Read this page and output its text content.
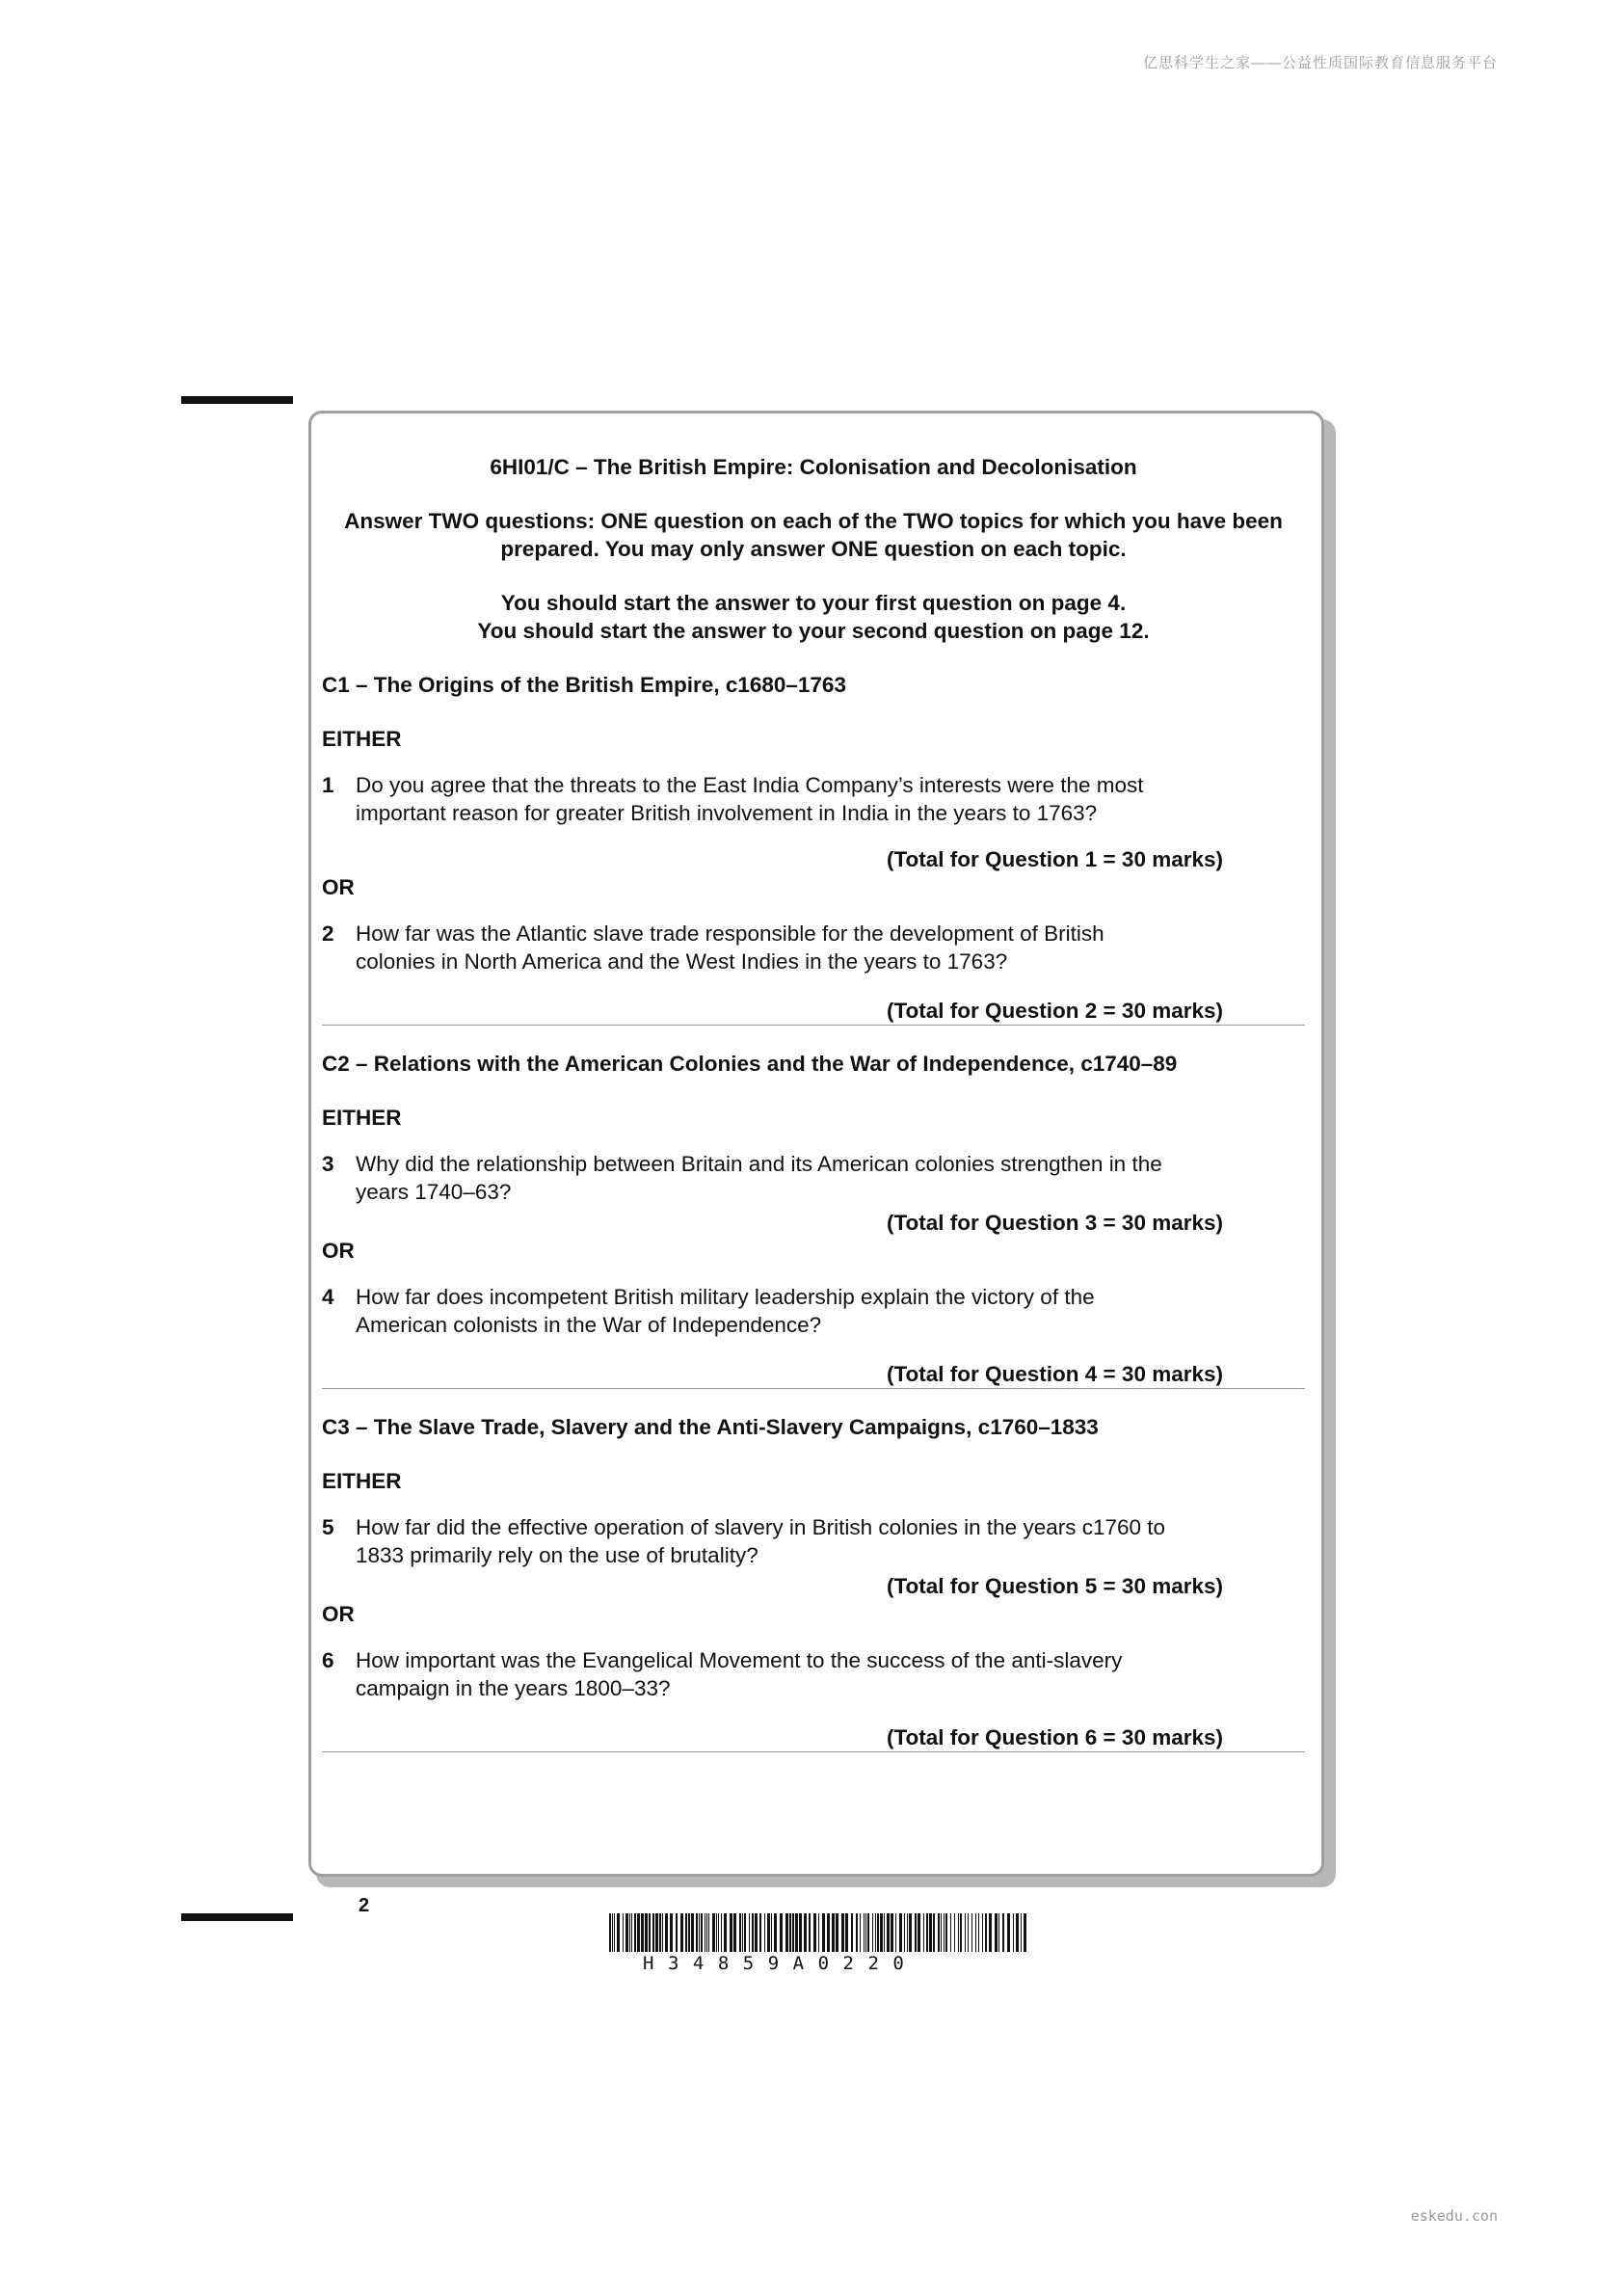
亿思科学生之家——公益性质国际教育信息服务平台

6HI01/C – The British Empire: Colonisation and Decolonisation

Answer TWO questions: ONE question on each of the TWO topics for which you have been

prepared. You may only answer ONE question on each topic.

You should start the answer to your first question on page 4.

You should start the answer to your second question on page 12.

C1 – The Origins of the British Empire, c1680–1763

EITHER

1 Do you agree that the threats to the East India Company’s interests were the most
important reason for greater British involvement in India in the years to 1763?

(Total for Question 1 = 30 marks)

OR

2 How far was the Atlantic slave trade responsible for the development of British
colonies in North America and the West Indies in the years to 1763?

(Total for Question 2 = 30 marks)

C2 – Relations with the American Colonies and the War of Independence, c1740–89

EITHER

3 Why did the relationship between Britain and its American colonies strengthen in the
years 1740–63?

(Total for Question 3 = 30 marks)

OR

4 How far does incompetent British military leadership explain the victory of the
American colonists in the War of Independence?

(Total for Question 4 = 30 marks)

C3 – The Slave Trade, Slavery and the Anti-Slavery Campaigns, c1760–1833

EITHER

5 How far did the effective operation of slavery in British colonies in the years c1760 to
1833 primarily rely on the use of brutality?

(Total for Question 5 = 30 marks)

OR

6 How important was the Evangelical Movement to the success of the anti-slavery
campaign in the years 1800–33?

(Total for Question 6 = 30 marks)

2
H34859A0220
eskedu.con
